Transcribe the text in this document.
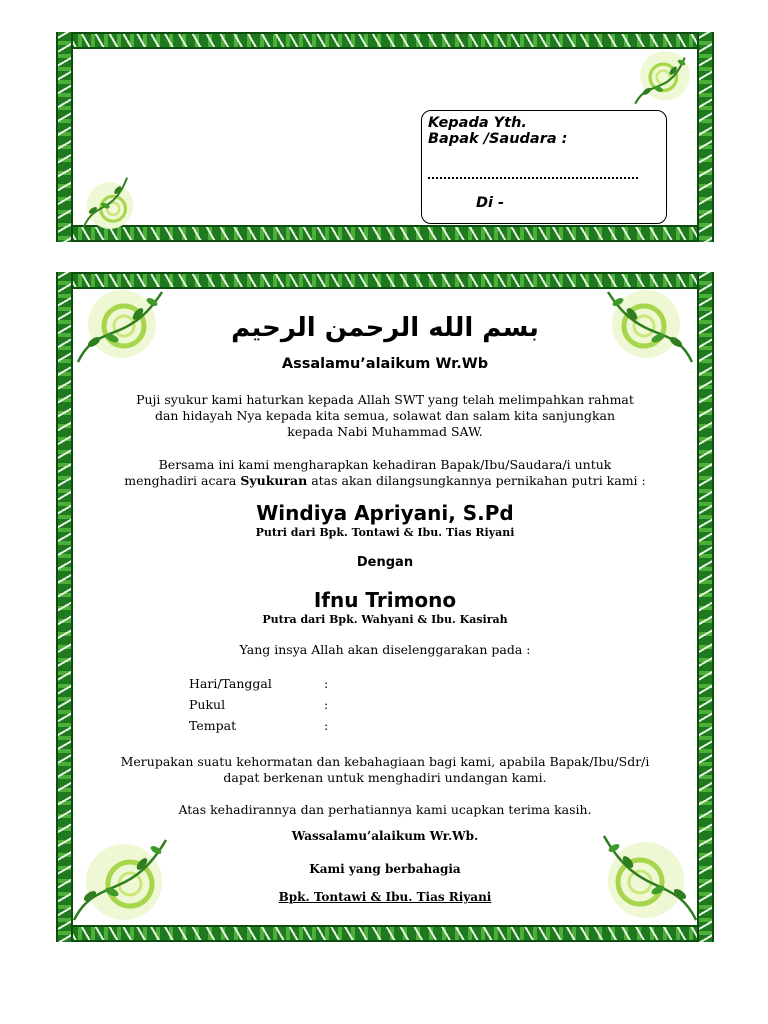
Kepada Yth.
Bapak /Saudara :
Di -
بسم الله الرحمن الرحيم
Assalamu’alaikum Wr.Wb
Puji syukur kami haturkan kepada Allah SWT yang telah melimpahkan rahmat
dan hidayah Nya kepada kita semua, solawat dan salam kita sanjungkan
kepada Nabi Muhammad SAW.
Bersama ini kami mengharapkan kehadiran Bapak/Ibu/Saudara/i untuk
menghadiri acara Syukuran atas akan dilangsungkannya pernikahan putri kami :
Windiya Apriyani, S.Pd
Putri dari Bpk. Tontawi & Ibu. Tias Riyani
Dengan
Ifnu Trimono
Putra dari Bpk. Wahyani & Ibu. Kasirah
Yang insya Allah akan diselenggarakan pada :
Hari/Tanggal	:
Pukul	:
Tempat	:
Merupakan suatu kehormatan dan kebahagiaan bagi kami, apabila Bapak/Ibu/Sdr/i
dapat berkenan untuk menghadiri undangan kami.
Atas kehadirannya dan perhatiannya kami ucapkan terima kasih.
Wassalamu’alaikum Wr.Wb.
Kami yang berbahagia
Bpk. Tontawi & Ibu. Tias Riyani
